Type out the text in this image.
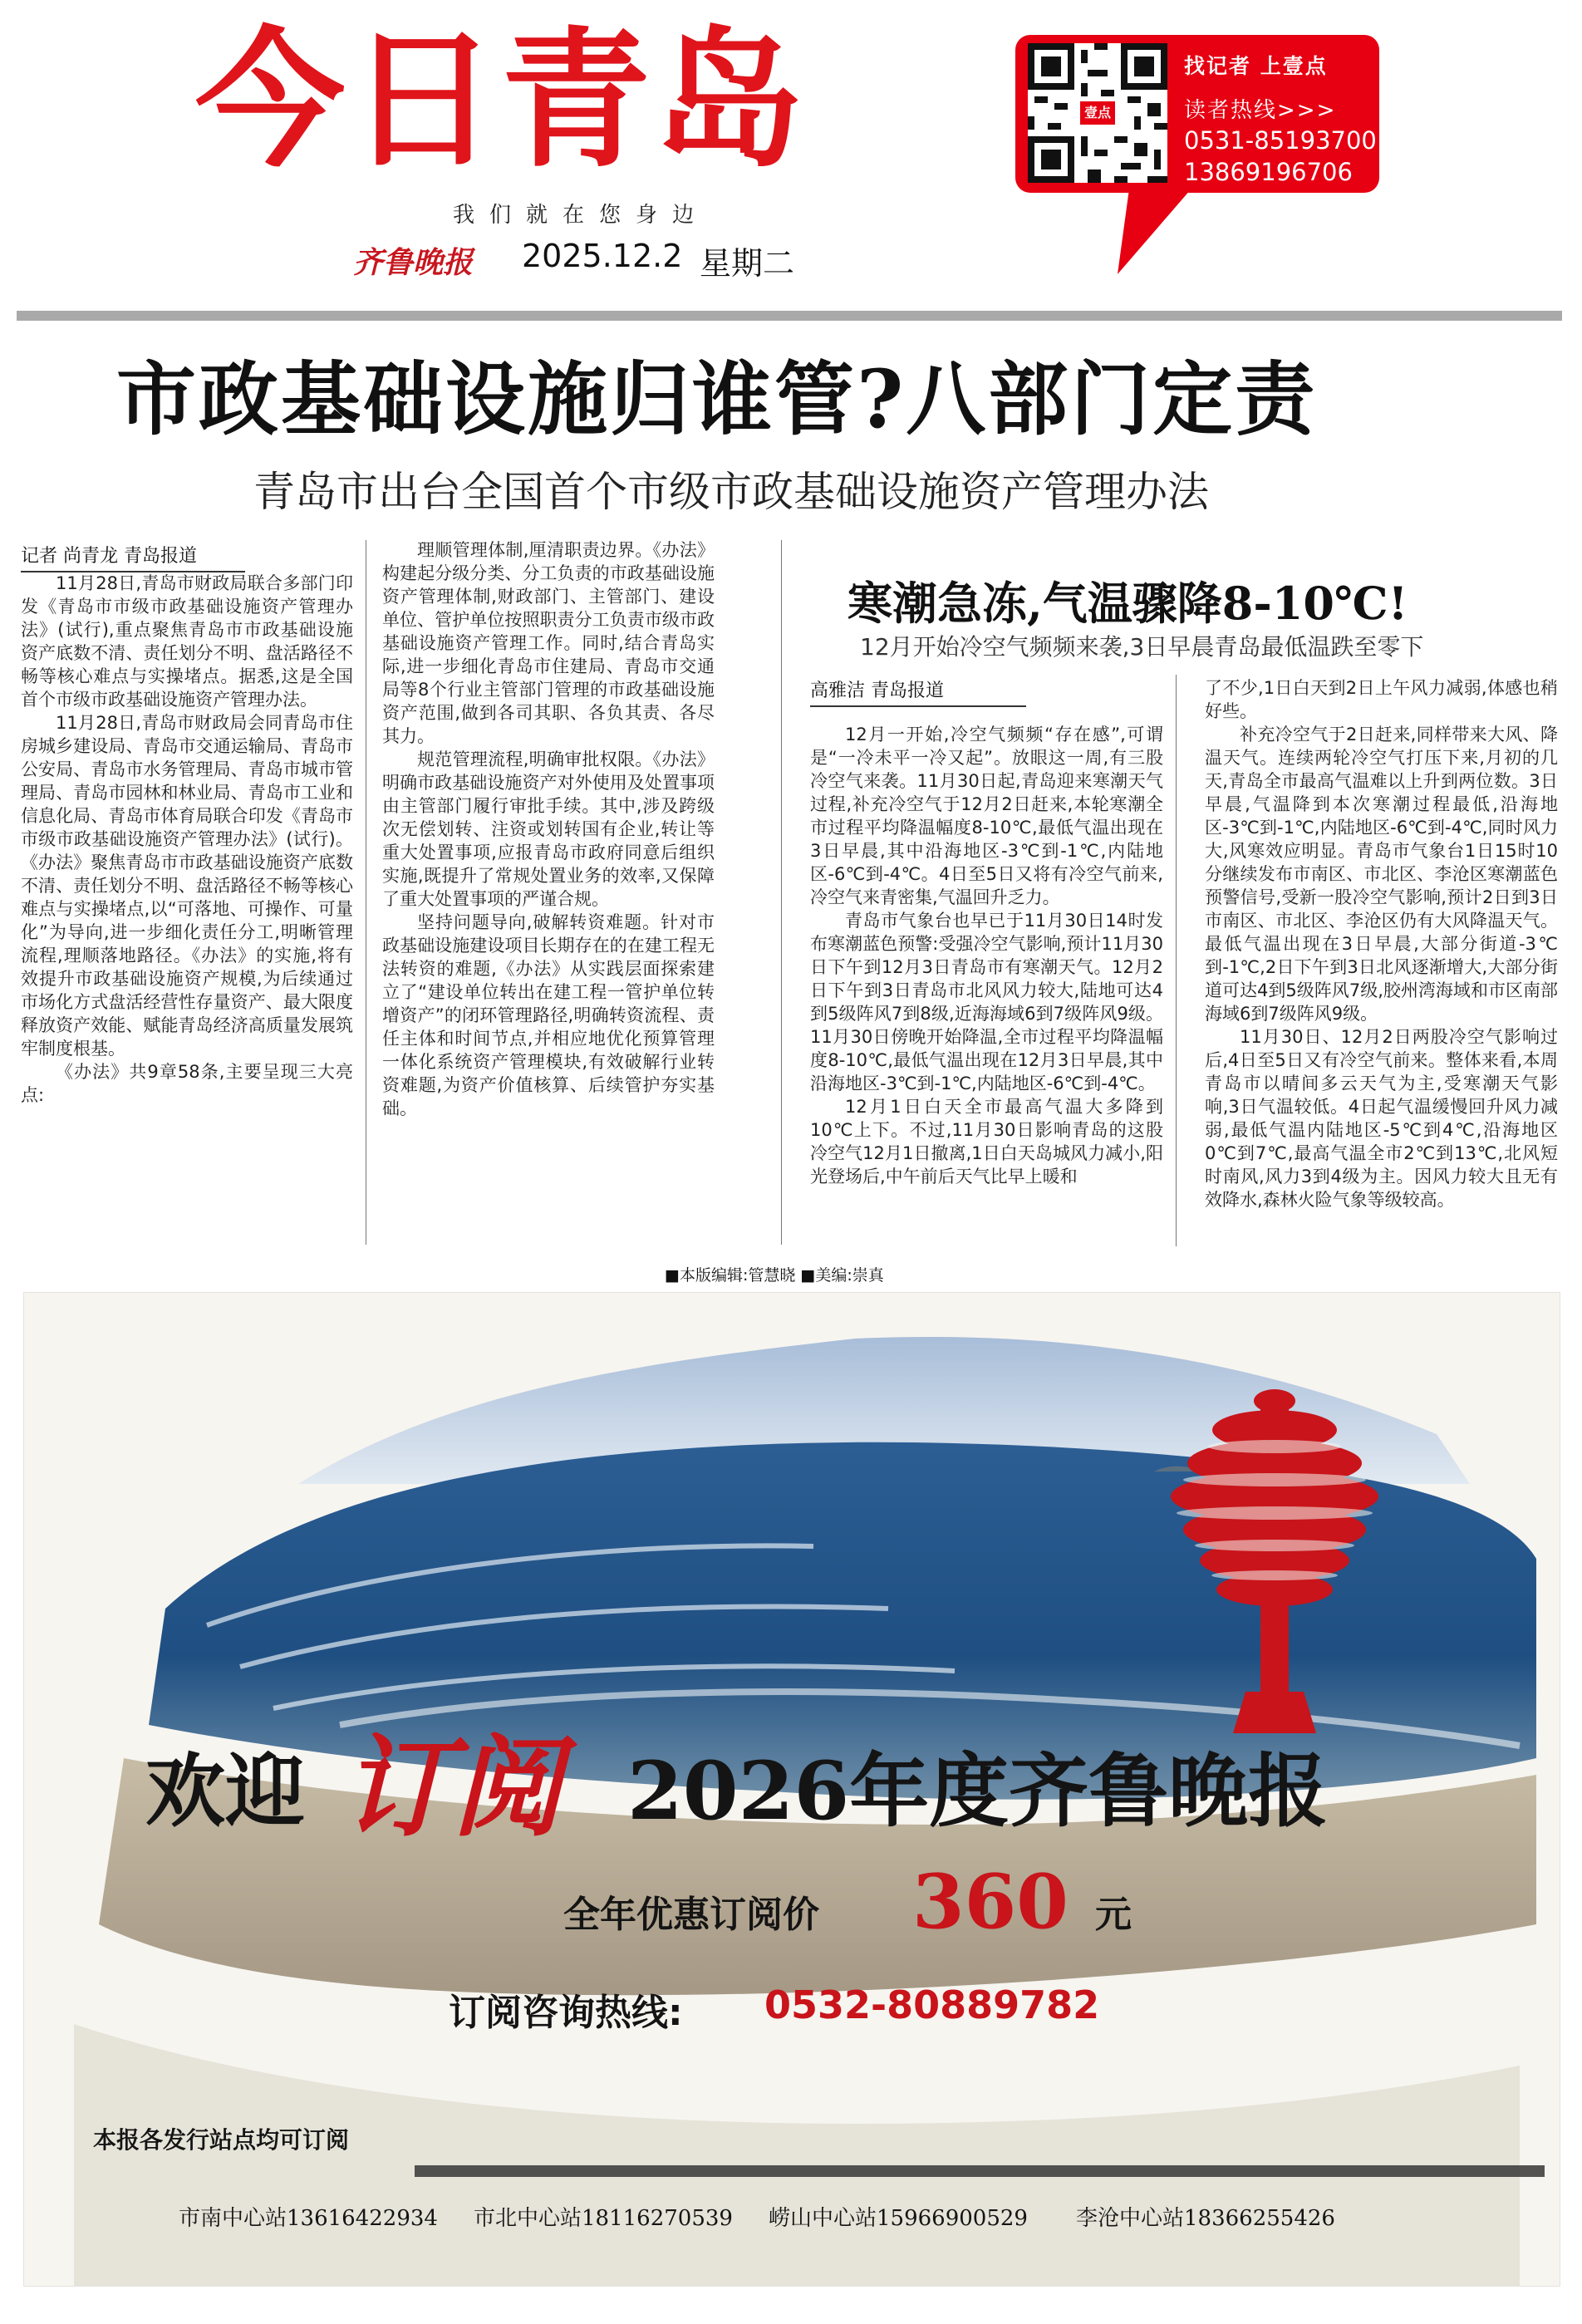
今日青岛
我们就在您身边
齐鲁晚报 2025.12.2 星期二
壹点
找记者 上壹点
读者热线>>>
0531-85193700
13869196706
市政基础设施归谁管?八部门定责
青岛市出台全国首个市级市政基础设施资产管理办法
记者 尚青龙 青岛报道

11月28日,青岛市财政局联合多部门印发《青岛市市级市政基础设施资产管理办法》(试行),重点聚焦青岛市市政基础设施资产底数不清、责任划分不明、盘活路径不畅等核心难点与实操堵点。据悉,这是全国首个市级市政基础设施资产管理办法。

11月28日,青岛市财政局会同青岛市住房城乡建设局、青岛市交通运输局、青岛市公安局、青岛市水务管理局、青岛市城市管理局、青岛市园林和林业局、青岛市工业和信息化局、青岛市体育局联合印发《青岛市市级市政基础设施资产管理办法》(试行)。《办法》聚焦青岛市市政基础设施资产底数不清、责任划分不明、盘活路径不畅等核心难点与实操堵点,以“可落地、可操作、可量化”为导向,进一步细化责任分工,明晰管理流程,理顺落地路径。《办法》的实施,将有效提升市政基础设施资产规模,为后续通过市场化方式盘活经营性存量资产、最大限度释放资产效能、赋能青岛经济高质量发展筑牢制度根基。

《办法》共9章58条,主要呈现三大亮点:

理顺管理体制,厘清职责边界。《办法》构建起分级分类、分工负责的市政基础设施资产管理体制,财政部门、主管部门、建设单位、管护单位按照职责分工负责市级市政基础设施资产管理工作。同时,结合青岛实际,进一步细化青岛市住建局、青岛市交通局等8个行业主管部门管理的市政基础设施资产范围,做到各司其职、各负其责、各尽其力。

规范管理流程,明确审批权限。《办法》明确市政基础设施资产对外使用及处置事项由主管部门履行审批手续。其中,涉及跨级次无偿划转、注资或划转国有企业,转让等重大处置事项,应报青岛市政府同意后组织实施,既提升了常规处置业务的效率,又保障了重大处置事项的严谨合规。

坚持问题导向,破解转资难题。针对市政基础设施建设项目长期存在的在建工程无法转资的难题,《办法》从实践层面探索建立了“建设单位转出在建工程一管护单位转增资产”的闭环管理路径,明确转资流程、责任主体和时间节点,并相应地优化预算管理一体化系统资产管理模块,有效破解行业转资难题,为资产价值核算、后续管护夯实基础。

寒潮急冻,气温骤降8-10℃!
12月开始冷空气频频来袭,3日早晨青岛最低温跌至零下
高雅洁 青岛报道

12月一开始,冷空气频频“存在感”,可谓是“一冷未平一冷又起”。放眼这一周,有三股冷空气来袭。11月30日起,青岛迎来寒潮天气过程,补充冷空气于12月2日赶来,本轮寒潮全市过程平均降温幅度8-10℃,最低气温出现在3日早晨,其中沿海地区-3℃到-1℃,内陆地区-6℃到-4℃。4日至5日又将有冷空气前来,冷空气来青密集,气温回升乏力。

青岛市气象台也早已于11月30日14时发布寒潮蓝色预警:受强冷空气影响,预计11月30日下午到12月3日青岛市有寒潮天气。12月2日下午到3日青岛市北风风力较大,陆地可达4到5级阵风7到8级,近海海域6到7级阵风9级。11月30日傍晚开始降温,全市过程平均降温幅度8-10℃,最低气温出现在12月3日早晨,其中沿海地区-3℃到-1℃,内陆地区-6℃到-4℃。

12月1日白天全市最高气温大多降到10℃上下。不过,11月30日影响青岛的这股冷空气12月1日撤离,1日白天岛城风力减小,阳光登场后,中午前后天气比早上暖和

了不少,1日白天到2日上午风力减弱,体感也稍好些。

补充冷空气于2日赶来,同样带来大风、降温天气。连续两轮冷空气打压下来,月初的几天,青岛全市最高气温难以上升到两位数。3日早晨,气温降到本次寒潮过程最低,沿海地区-3℃到-1℃,内陆地区-6℃到-4℃,同时风力大,风寒效应明显。青岛市气象台1日15时10分继续发布市南区、市北区、李沧区寒潮蓝色预警信号,受新一股冷空气影响,预计2日到3日市南区、市北区、李沧区仍有大风降温天气。最低气温出现在3日早晨,大部分街道-3℃到-1℃,2日下午到3日北风逐渐增大,大部分街道可达4到5级阵风7级,胶州湾海域和市区南部海域6到7级阵风9级。

11月30日、12月2日两股冷空气影响过后,4日至5日又有冷空气前来。整体来看,本周青岛市以晴间多云天气为主,受寒潮天气影响,3日气温较低。4日起气温缓慢回升风力减弱,最低气温内陆地区-5℃到4℃,沿海地区0℃到7℃,最高气温全市2℃到13℃,北风短时南风,风力3到4级为主。因风力较大且无有效降水,森林火险气象等级较高。

■本版编辑:管慧晓 ■美编:崇真
欢迎 订阅 2026年度齐鲁晚报
全年优惠订阅价 360 元
订阅咨询热线: 0532-80889782
本报各发行站点均可订阅
市南中心站13616422934 市北中心站18116270539 崂山中心站15966900529 李沧中心站18366255426
